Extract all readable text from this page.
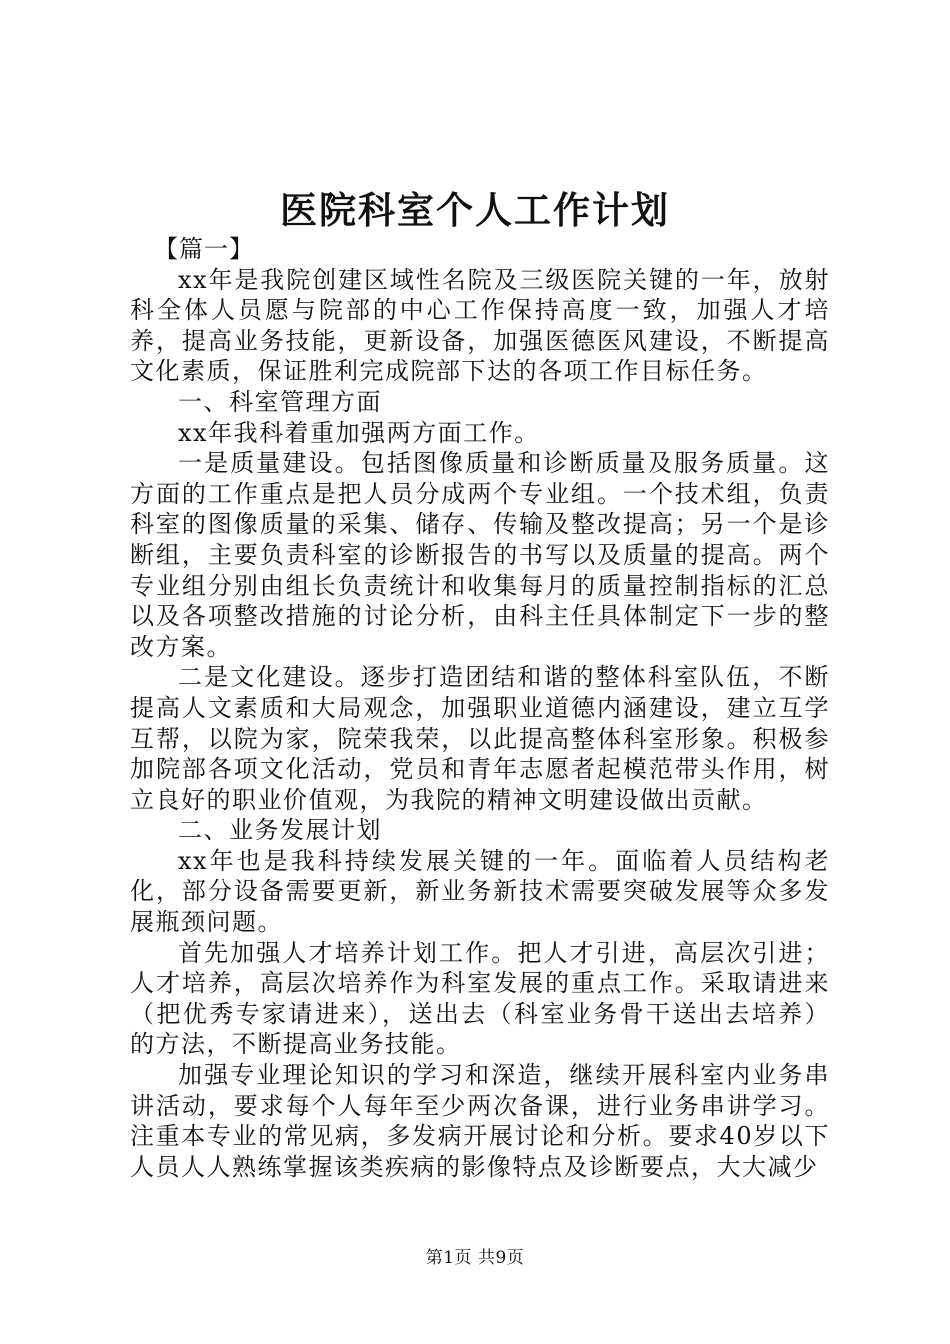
医院科室个人工作计划

【篇一】

xx年是我院创建区域性名院及三级医院关键的一年，放射科全体人员愿与院部的中心工作保持高度一致，加强人才培养，提高业务技能，更新设备，加强医德医风建设，不断提高文化素质，保证胜利完成院部下达的各项工作目标任务。

一、科室管理方面

xx年我科着重加强两方面工作。

一是质量建设。包括图像质量和诊断质量及服务质量。这方面的工作重点是把人员分成两个专业组。一个技术组，负责科室的图像质量的采集、储存、传输及整改提高；另一个是诊断组，主要负责科室的诊断报告的书写以及质量的提高。两个专业组分别由组长负责统计和收集每月的质量控制指标的汇总以及各项整改措施的讨论分析，由科主任具体制定下一步的整改方案。

二是文化建设。逐步打造团结和谐的整体科室队伍，不断提高人文素质和大局观念，加强职业道德内涵建设，建立互学互帮，以院为家，院荣我荣，以此提高整体科室形象。积极参加院部各项文化活动，党员和青年志愿者起模范带头作用，树立良好的职业价值观，为我院的精神文明建设做出贡献。

二、业务发展计划

xx年也是我科持续发展关键的一年。面临着人员结构老化，部分设备需要更新，新业务新技术需要突破发展等众多发展瓶颈问题。

首先加强人才培养计划工作。把人才引进，高层次引进；人才培养，高层次培养作为科室发展的重点工作。采取请进来（把优秀专家请进来），送出去（科室业务骨干送出去培养）的方法，不断提高业务技能。

加强专业理论知识的学习和深造，继续开展科室内业务串讲活动，要求每个人每年至少两次备课，进行业务串讲学习。注重本专业的常见病，多发病开展讨论和分析。要求40岁以下人员人人熟练掌握该类疾病的影像特点及诊断要点，大大减少

第1页 共9页
